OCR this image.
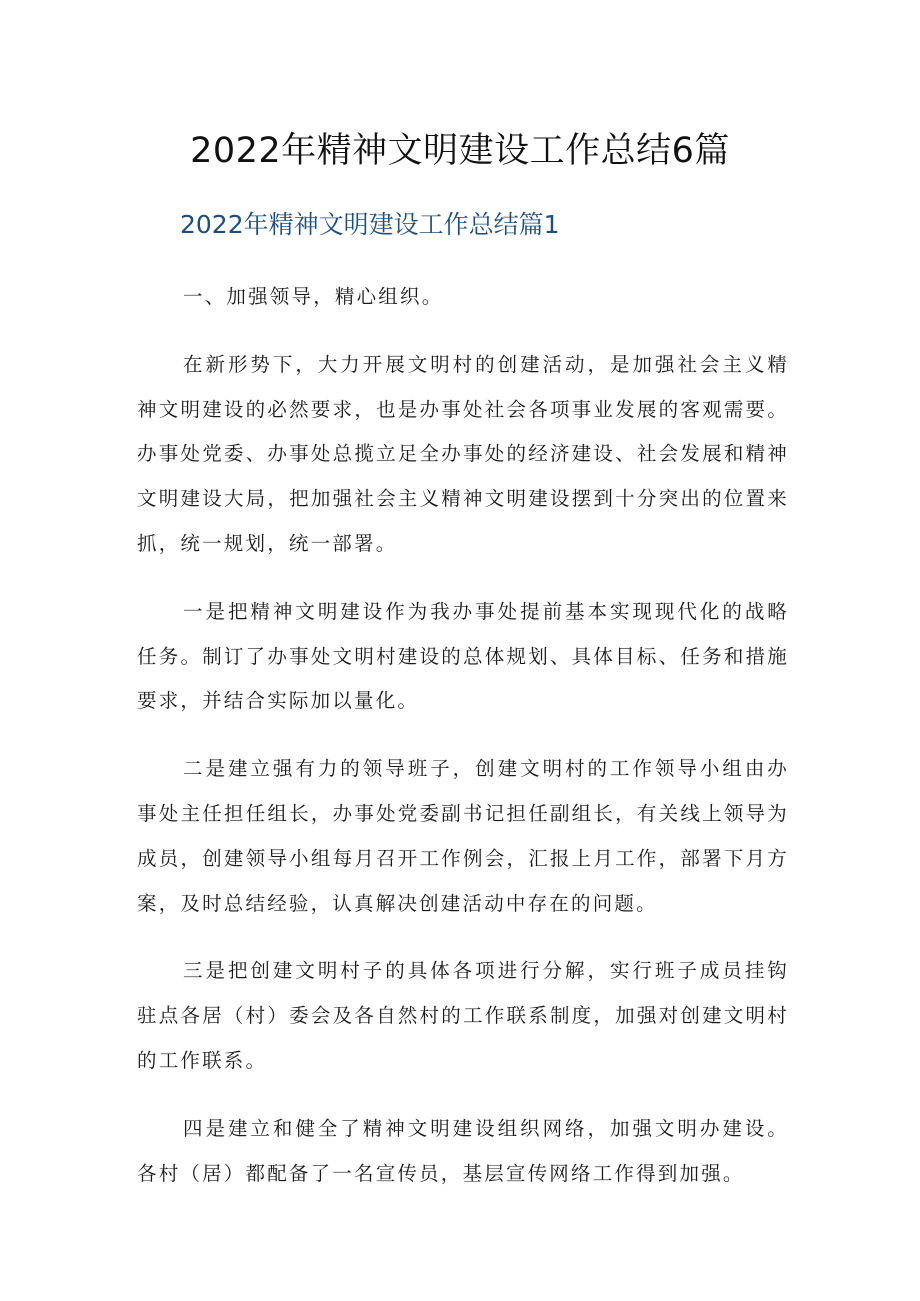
2022年精神文明建设工作总结6篇
2022年精神文明建设工作总结篇1

一、加强领导，精心组织。

在新形势下，大力开展文明村的创建活动，是加强社会主义精神文明建设的必然要求，也是办事处社会各项事业发展的客观需要。办事处党委、办事处总揽立足全办事处的经济建设、社会发展和精神文明建设大局，把加强社会主义精神文明建设摆到十分突出的位置来抓，统一规划，统一部署。

一是把精神文明建设作为我办事处提前基本实现现代化的战略任务。制订了办事处文明村建设的总体规划、具体目标、任务和措施要求，并结合实际加以量化。

二是建立强有力的领导班子，创建文明村的工作领导小组由办事处主任担任组长，办事处党委副书记担任副组长，有关线上领导为成员，创建领导小组每月召开工作例会，汇报上月工作，部署下月方案，及时总结经验，认真解决创建活动中存在的问题。

三是把创建文明村子的具体各项进行分解，实行班子成员挂钩驻点各居（村）委会及各自然村的工作联系制度，加强对创建文明村的工作联系。

四是建立和健全了精神文明建设组织网络，加强文明办建设。各村（居）都配备了一名宣传员，基层宣传网络工作得到加强。
